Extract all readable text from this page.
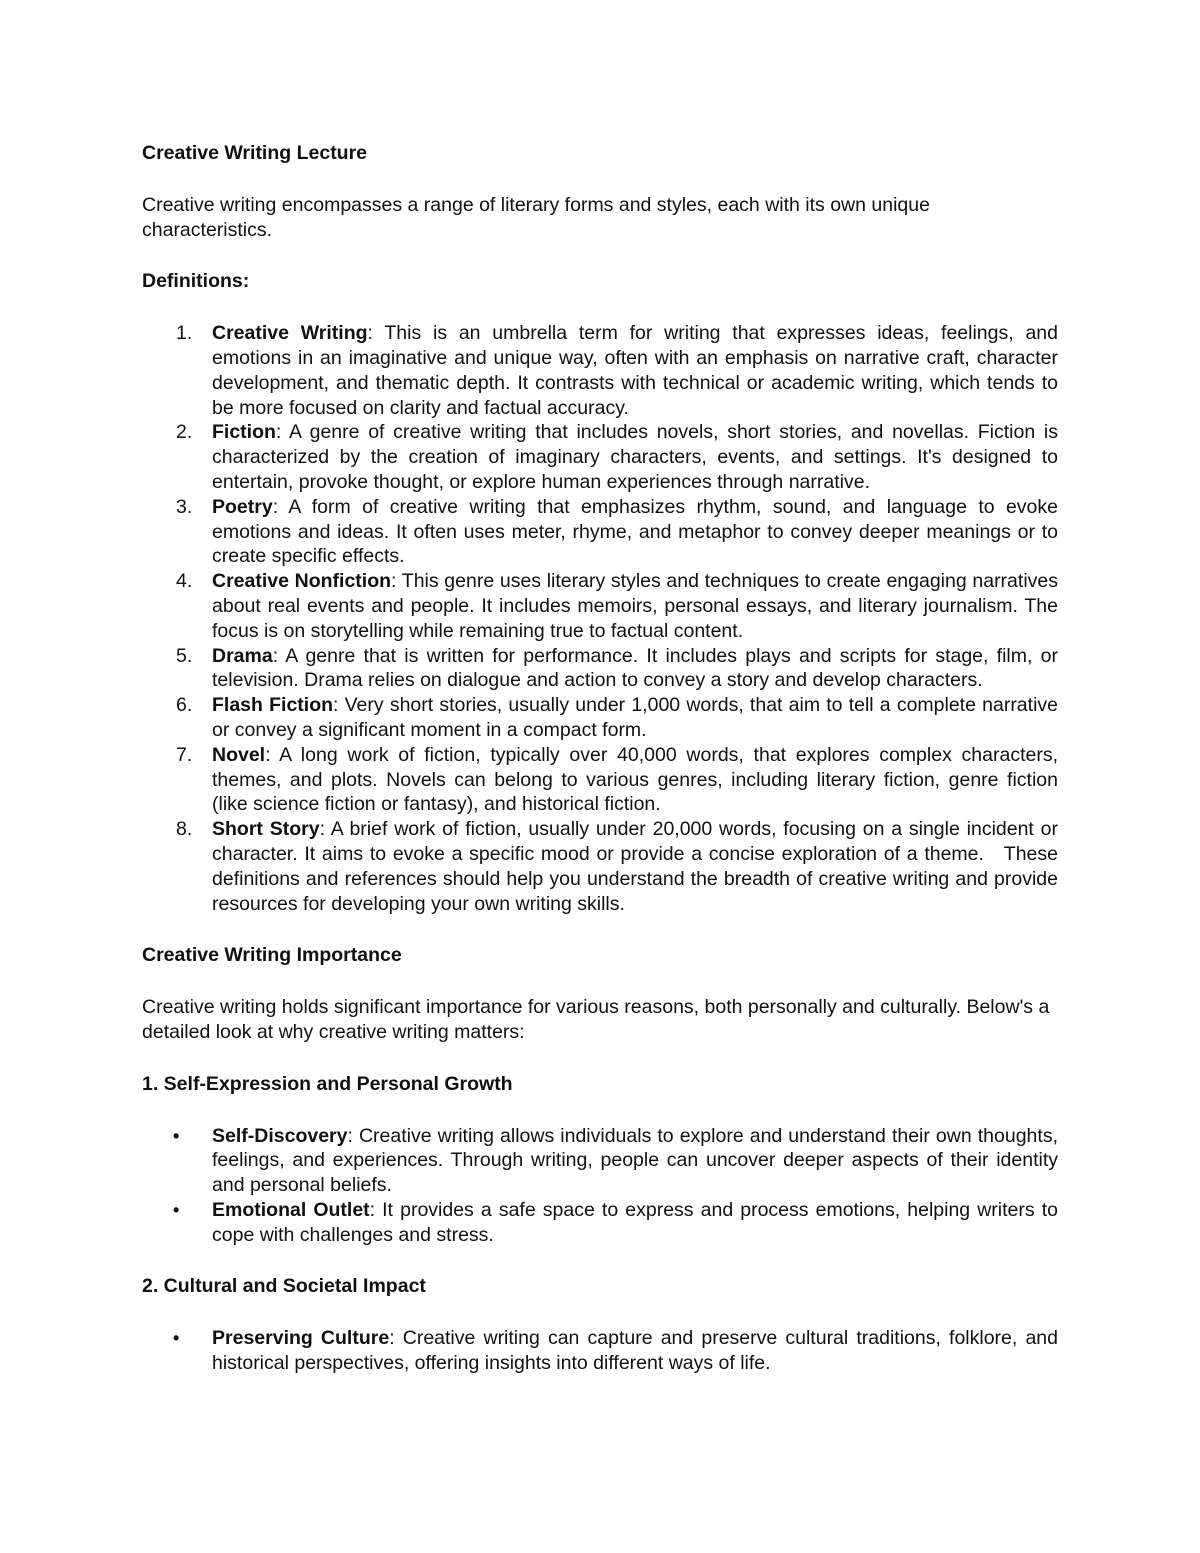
Creative Writing Lecture

Creative writing encompasses a range of literary forms and styles, each with its own unique characteristics.

Definitions:

1.	Creative Writing: This is an umbrella term for writing that expresses ideas, feelings, and emotions in an imaginative and unique way, often with an emphasis on narrative craft, character development, and thematic depth. It contrasts with technical or academic writing, which tends to be more focused on clarity and factual accuracy.
2.	Fiction: A genre of creative writing that includes novels, short stories, and novellas. Fiction is characterized by the creation of imaginary characters, events, and settings. It's designed to entertain, provoke thought, or explore human experiences through narrative.
3.	Poetry: A form of creative writing that emphasizes rhythm, sound, and language to evoke emotions and ideas. It often uses meter, rhyme, and metaphor to convey deeper meanings or to create specific effects.
4.	Creative Nonfiction: This genre uses literary styles and techniques to create engaging narratives about real events and people. It includes memoirs, personal essays, and literary journalism. The focus is on storytelling while remaining true to factual content.
5.	Drama: A genre that is written for performance. It includes plays and scripts for stage, film, or television. Drama relies on dialogue and action to convey a story and develop characters.
6.	Flash Fiction: Very short stories, usually under 1,000 words, that aim to tell a complete narrative or convey a significant moment in a compact form.
7.	Novel: A long work of fiction, typically over 40,000 words, that explores complex characters, themes, and plots. Novels can belong to various genres, including literary fiction, genre fiction (like science fiction or fantasy), and historical fiction.
8.	Short Story: A brief work of fiction, usually under 20,000 words, focusing on a single incident or character. It aims to evoke a specific mood or provide a concise exploration of a theme.   These definitions and references should help you understand the breadth of creative writing and provide resources for developing your own writing skills.

Creative Writing Importance

Creative writing holds significant importance for various reasons, both personally and culturally. Below's a detailed look at why creative writing matters:

1. Self-Expression and Personal Growth

• Self-Discovery: Creative writing allows individuals to explore and understand their own thoughts, feelings, and experiences. Through writing, people can uncover deeper aspects of their identity and personal beliefs.
• Emotional Outlet: It provides a safe space to express and process emotions, helping writers to cope with challenges and stress.

2. Cultural and Societal Impact

• Preserving Culture: Creative writing can capture and preserve cultural traditions, folklore, and historical perspectives, offering insights into different ways of life.
